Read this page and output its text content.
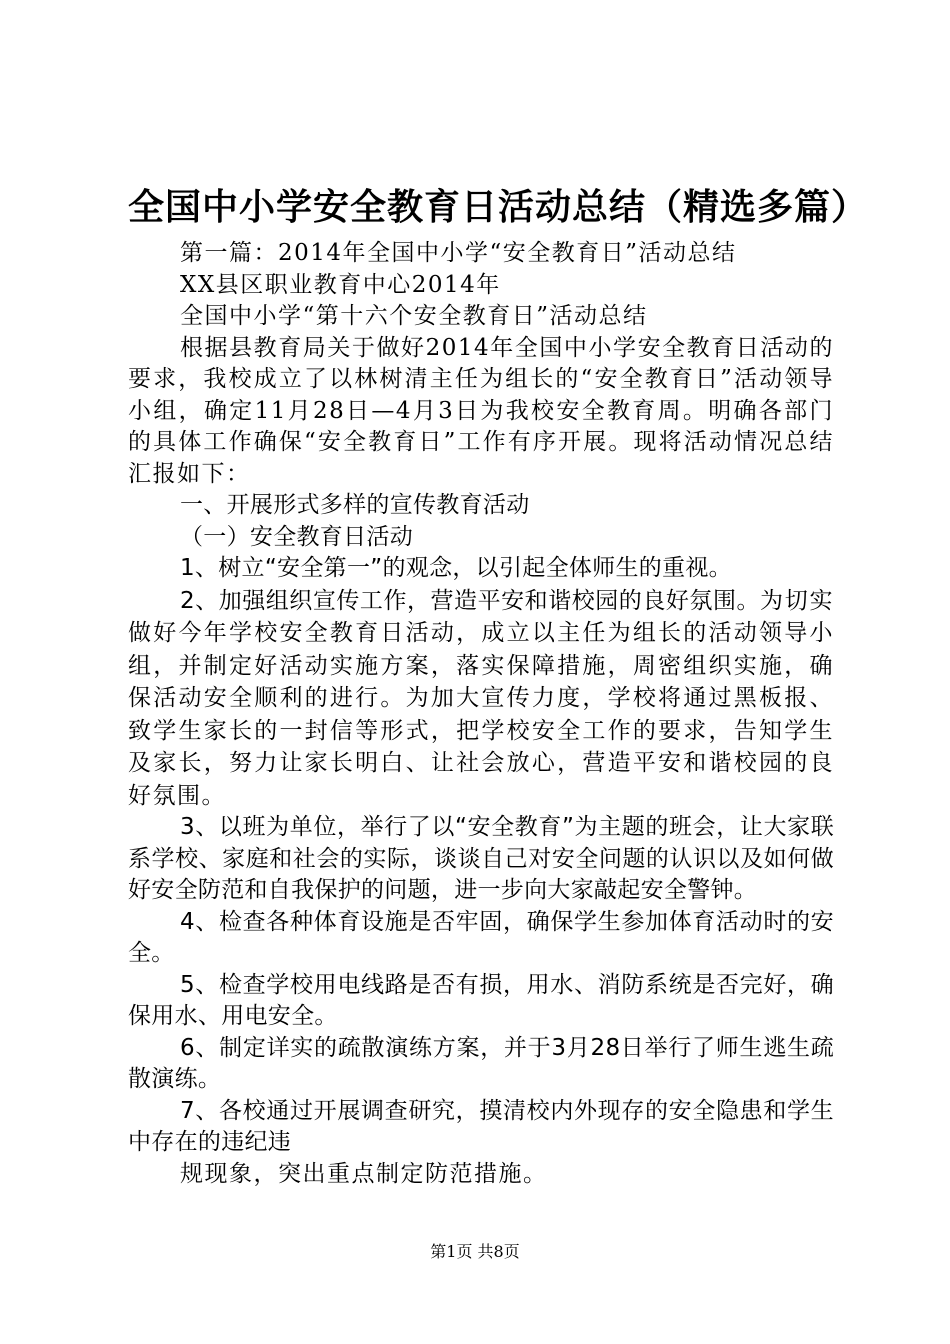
全国中小学安全教育日活动总结（精选多篇）

第一篇：2014年全国中小学“安全教育日”活动总结

XX县区职业教育中心2014年

全国中小学“第十六个安全教育日”活动总结

根据县教育局关于做好2014年全国中小学安全教育日活动的要求，我校成立了以林树清主任为组长的“安全教育日”活动领导小组，确定11月28日—4月3日为我校安全教育周。明确各部门的具体工作确保“安全教育日”工作有序开展。现将活动情况总结汇报如下：

一、开展形式多样的宣传教育活动

（一）安全教育日活动

1、树立“安全第一”的观念，以引起全体师生的重视。

2、加强组织宣传工作，营造平安和谐校园的良好氛围。为切实做好今年学校安全教育日活动，成立以主任为组长的活动领导小组，并制定好活动实施方案，落实保障措施，周密组织实施，确保活动安全顺利的进行。为加大宣传力度，学校将通过黑板报、致学生家长的一封信等形式，把学校安全工作的要求，告知学生及家长，努力让家长明白、让社会放心，营造平安和谐校园的良好氛围。

3、以班为单位，举行了以“安全教育”为主题的班会，让大家联系学校、家庭和社会的实际，谈谈自己对安全问题的认识以及如何做好安全防范和自我保护的问题，进一步向大家敲起安全警钟。

4、检查各种体育设施是否牢固，确保学生参加体育活动时的安全。

5、检查学校用电线路是否有损，用水、消防系统是否完好，确保用水、用电安全。

6、制定详实的疏散演练方案，并于3月28日举行了师生逃生疏散演练。

7、各校通过开展调查研究，摸清校内外现存的安全隐患和学生中存在的违纪违

规现象，突出重点制定防范措施。

第1页 共8页
